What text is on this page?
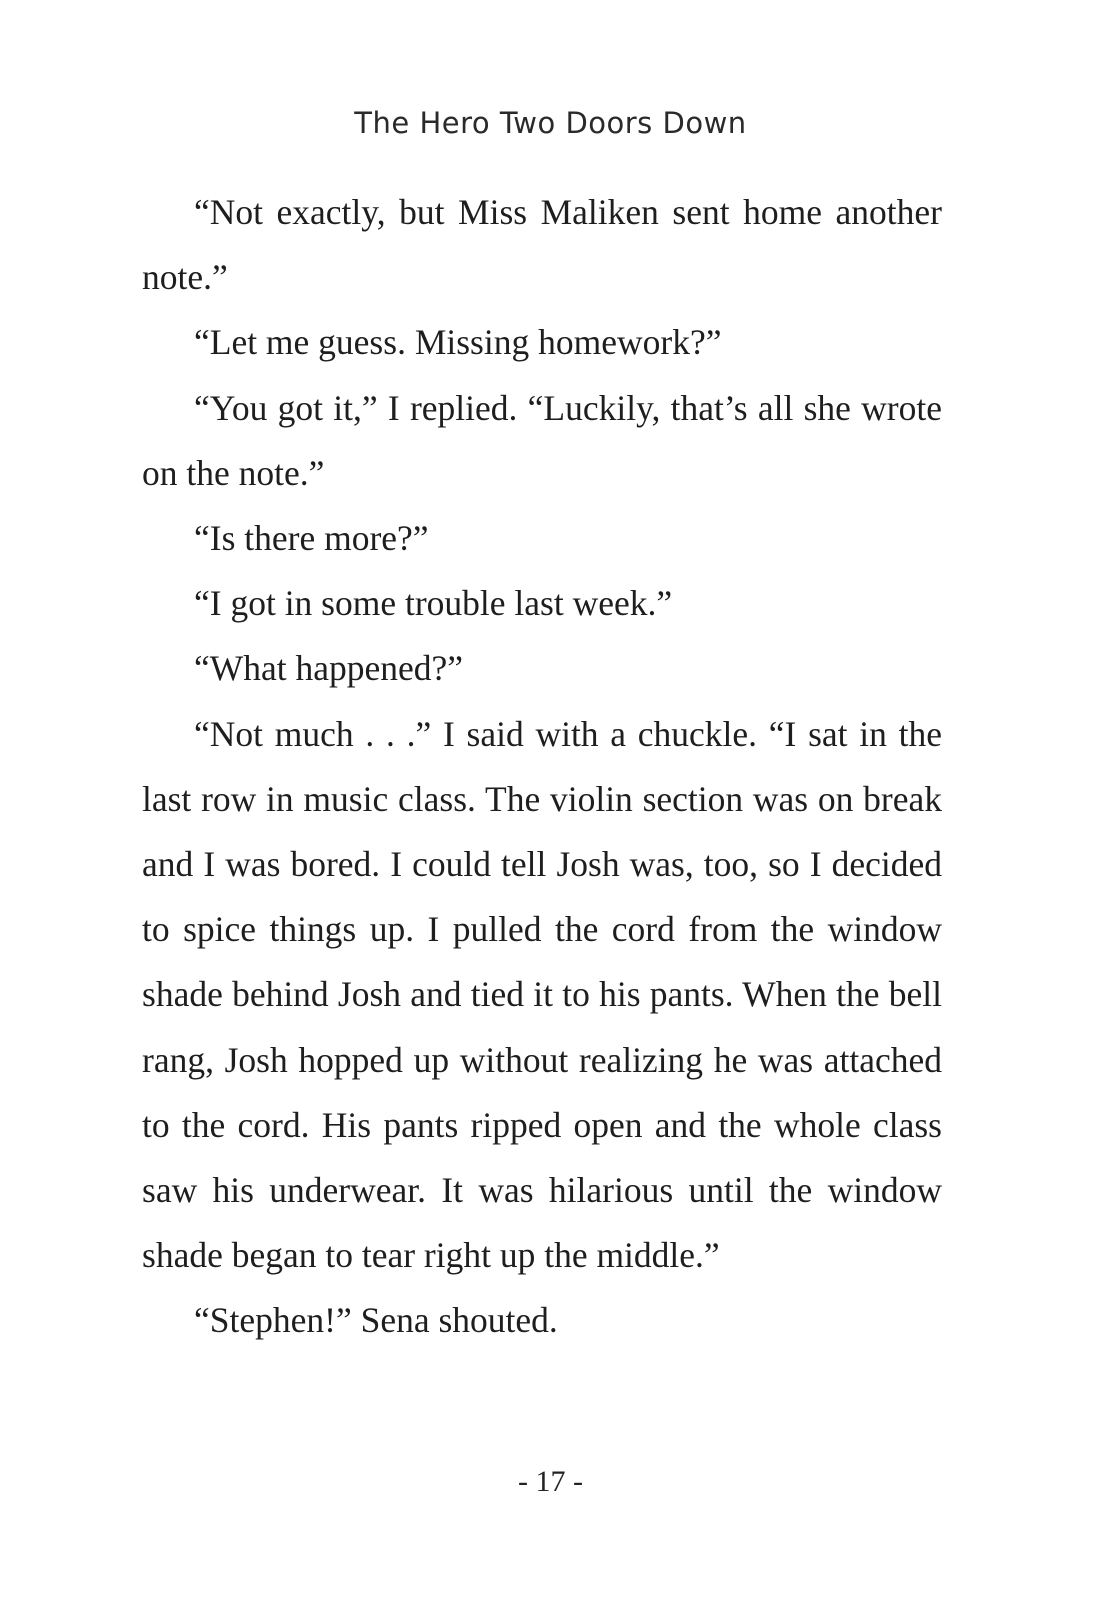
The Hero Two Doors Down

“Not exactly, but Miss Maliken sent home another note.”

“Let me guess. Missing homework?”

“You got it,” I replied. “Luckily, that’s all she wrote on the note.”

“Is there more?”

“I got in some trouble last week.”

“What happened?”

“Not much . . .” I said with a chuckle. “I sat in the last row in music class. The violin section was on break and I was bored. I could tell Josh was, too, so I decided to spice things up. I pulled the cord from the window shade behind Josh and tied it to his pants. When the bell rang, Josh hopped up without realizing he was attached to the cord. His pants ripped open and the whole class saw his underwear. It was hilarious until the window shade began to tear right up the middle.”

“Stephen!” Sena shouted.

- 17 -
